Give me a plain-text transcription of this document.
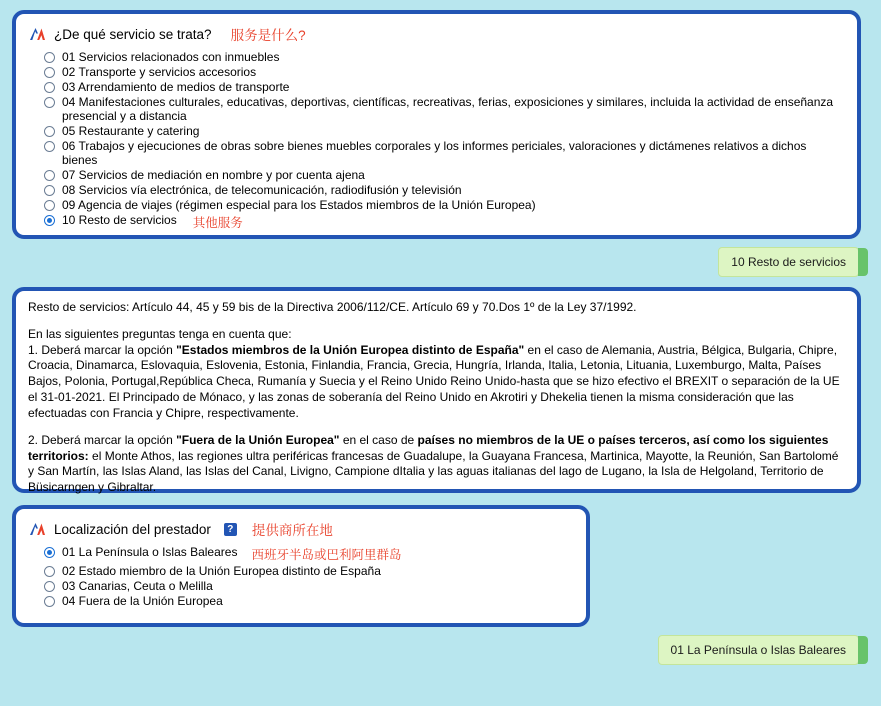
¿De qué servicio se trata? 服务是什么?
01 Servicios relacionados con inmuebles
02 Transporte y servicios accesorios
03 Arrendamiento de medios de transporte
04 Manifestaciones culturales, educativas, deportivas, científicas, recreativas, ferias, exposiciones y similares, incluida la actividad de enseñanza presencial y a distancia
05 Restaurante y catering
06 Trabajos y ejecuciones de obras sobre bienes muebles corporales y los informes periciales, valoraciones y dictámenes relativos a dichos bienes
07 Servicios de mediación en nombre y por cuenta ajena
08 Servicios vía electrónica, de telecomunicación, radiodifusión y televisión
09 Agencia de viajes (régimen especial para los Estados miembros de la Unión Europea)
10 Resto de servicios 其他服务
10 Resto de servicios

Resto de servicios: Artículo 44, 45 y 59 bis de la Directiva 2006/112/CE. Artículo 69 y 70.Dos 1º de la Ley 37/1992.

En las siguientes preguntas tenga en cuenta que:
1. Deberá marcar la opción "Estados miembros de la Unión Europea distinto de España" en el caso de Alemania, Austria, Bélgica, Bulgaria, Chipre, Croacia, Dinamarca, Eslovaquia, Eslovenia, Estonia, Finlandia, Francia, Grecia, Hungría, Irlanda, Italia, Letonia, Lituania, Luxemburgo, Malta, Países Bajos, Polonia, Portugal,República Checa, Rumanía y Suecia y el Reino Unido Reino Unido-hasta que se hizo efectivo el BREXIT o separación de la UE el 31-01-2021. El Principado de Mónaco, y las zonas de soberanía del Reino Unido en Akrotiri y Dhekelia tienen la misma consideración que las efectuadas con Francia y Chipre, respectivamente.

2. Deberá marcar la opción "Fuera de la Unión Europea" en el caso de países no miembros de la UE o países terceros, así como los siguientes territorios: el Monte Athos, las regiones ultra periféricas francesas de Guadalupe, la Guayana Francesa, Martinica, Mayotte, la Reunión, San Bartolomé y San Martín, las Islas Aland, las Islas del Canal, Livigno, Campione dItalia y las aguas italianas del lago de Lugano, la Isla de Helgoland, Territorio de Büsicarngen y Gibraltar.

Localización del prestador	? 提供商所在地
01 La Península o Islas Baleares 西班牙半岛或巴利阿里群岛
02 Estado miembro de la Unión Europea distinto de España
03 Canarias, Ceuta o Melilla
04 Fuera de la Unión Europea
01 La Península o Islas Baleares
